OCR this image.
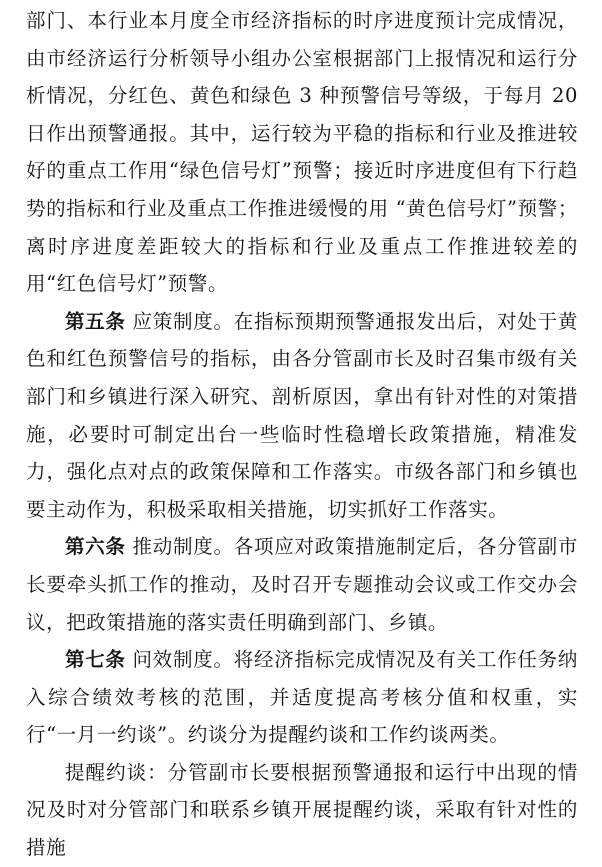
部门、本行业本月度全市经济指标的时序进度预计完成情况，由市经济运行分析领导小组办公室根据部门上报情况和运行分析情况，分红色、黄色和绿色 3 种预警信号等级，于每月 20 日作出预警通报。其中，运行较为平稳的指标和行业及推进较好的重点工作用“绿色信号灯”预警；接近时序进度但有下行趋势的指标和行业及重点工作推进缓慢的用 “黄色信号灯”预警；离时序进度差距较大的指标和行业及重点工作推进较差的用“红色信号灯”预警。

第五条 应策制度。在指标预期预警通报发出后，对处于黄色和红色预警信号的指标，由各分管副市长及时召集市级有关部门和乡镇进行深入研究、剖析原因，拿出有针对性的对策措施，必要时可制定出台一些临时性稳增长政策措施，精准发力，强化点对点的政策保障和工作落实。市级各部门和乡镇也要主动作为，积极采取相关措施，切实抓好工作落实。

第六条 推动制度。各项应对政策措施制定后，各分管副市长要牵头抓工作的推动，及时召开专题推动会议或工作交办会议，把政策措施的落实责任明确到部门、乡镇。

第七条 问效制度。将经济指标完成情况及有关工作任务纳入综合绩效考核的范围，并适度提高考核分值和权重，实行“一月一约谈”。约谈分为提醒约谈和工作约谈两类。

提醒约谈：分管副市长要根据预警通报和运行中出现的情况及时对分管部门和联系乡镇开展提醒约谈，采取有针对性的措施
